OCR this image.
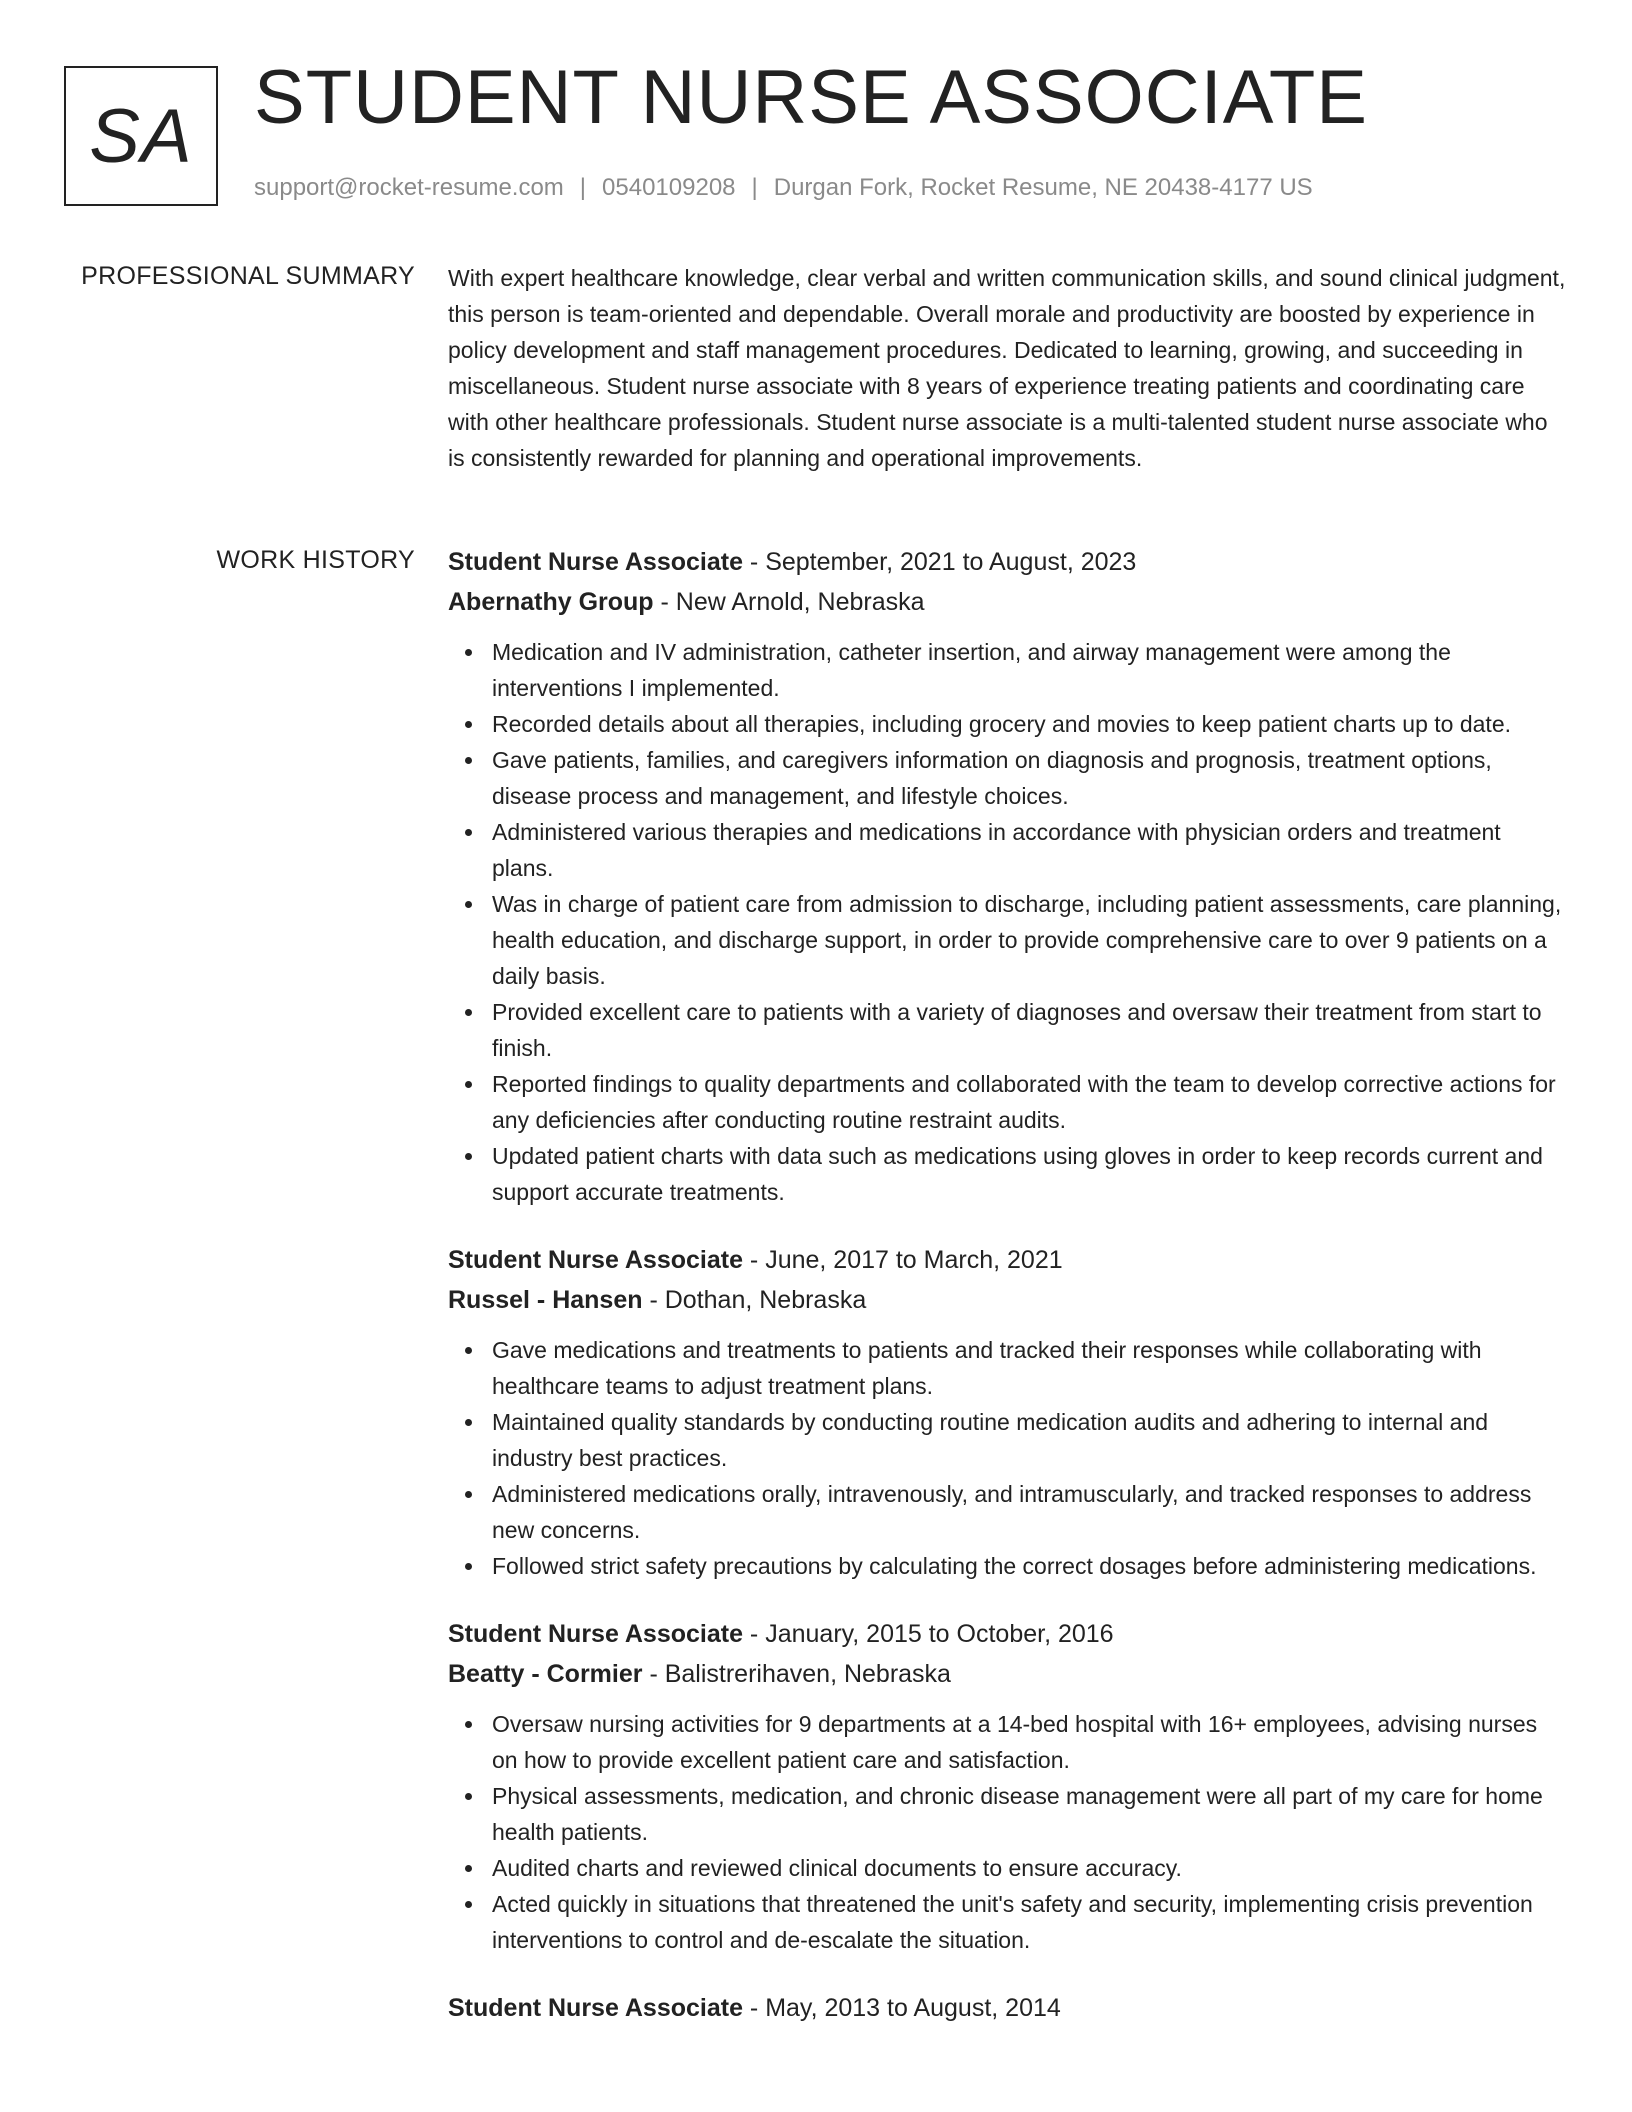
SA STUDENT NURSE ASSOCIATE
support@rocket-resume.com | 0540109208 | Durgan Fork, Rocket Resume, NE 20438-4177 US
PROFESSIONAL SUMMARY With expert healthcare knowledge, clear verbal and written communication skills, and sound clinical judgment, this person is team-oriented and dependable. Overall morale and productivity are boosted by experience in policy development and staff management procedures. Dedicated to learning, growing, and succeeding in miscellaneous. Student nurse associate with 8 years of experience treating patients and coordinating care with other healthcare professionals. Student nurse associate is a multi-talented student nurse associate who is consistently rewarded for planning and operational improvements.
WORK HISTORY Student Nurse Associate - September, 2021 to August, 2023
Abernathy Group - New Arnold, Nebraska
Medication and IV administration, catheter insertion, and airway management were among the interventions I implemented.
Recorded details about all therapies, including grocery and movies to keep patient charts up to date.
Gave patients, families, and caregivers information on diagnosis and prognosis, treatment options, disease process and management, and lifestyle choices.
Administered various therapies and medications in accordance with physician orders and treatment plans.
Was in charge of patient care from admission to discharge, including patient assessments, care planning, health education, and discharge support, in order to provide comprehensive care to over 9 patients on a daily basis.
Provided excellent care to patients with a variety of diagnoses and oversaw their treatment from start to finish.
Reported findings to quality departments and collaborated with the team to develop corrective actions for any deficiencies after conducting routine restraint audits.
Updated patient charts with data such as medications using gloves in order to keep records current and support accurate treatments.
Student Nurse Associate - June, 2017 to March, 2021
Russel - Hansen - Dothan, Nebraska
Gave medications and treatments to patients and tracked their responses while collaborating with healthcare teams to adjust treatment plans.
Maintained quality standards by conducting routine medication audits and adhering to internal and industry best practices.
Administered medications orally, intravenously, and intramuscularly, and tracked responses to address new concerns.
Followed strict safety precautions by calculating the correct dosages before administering medications.
Student Nurse Associate - January, 2015 to October, 2016
Beatty - Cormier - Balistrerihaven, Nebraska
Oversaw nursing activities for 9 departments at a 14-bed hospital with 16+ employees, advising nurses on how to provide excellent patient care and satisfaction.
Physical assessments, medication, and chronic disease management were all part of my care for home health patients.
Audited charts and reviewed clinical documents to ensure accuracy.
Acted quickly in situations that threatened the unit's safety and security, implementing crisis prevention interventions to control and de-escalate the situation.
Student Nurse Associate - May, 2013 to August, 2014
